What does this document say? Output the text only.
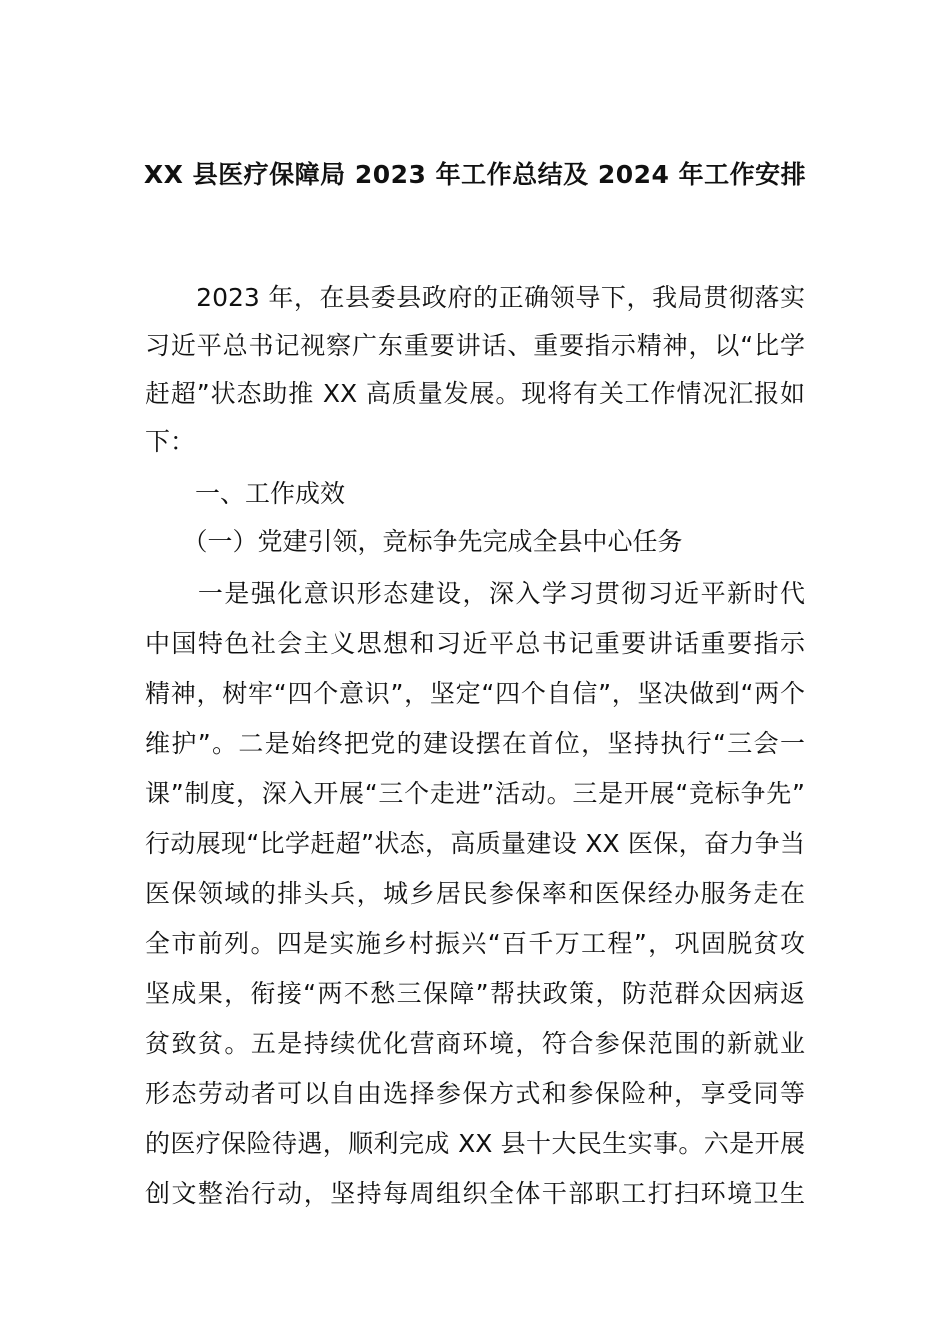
XX 县医疗保障局 2023 年工作总结及 2024 年工作安排
　　2023 年，在县委县政府的正确领导下，我局贯彻落实
习近平总书记视察广东重要讲话、重要指示精神，以“比学
赶超”状态助推 XX 高质量发展。现将有关工作情况汇报如
下：
　　一、工作成效
　　（一）党建引领，竞标争先完成全县中心任务
　　一是强化意识形态建设，深入学习贯彻习近平新时代
中国特色社会主义思想和习近平总书记重要讲话重要指示
精神，树牢“四个意识”，坚定“四个自信”，坚决做到“两个
维护”。二是始终把党的建设摆在首位，坚持执行“三会一
课”制度，深入开展“三个走进”活动。三是开展“竞标争先”
行动展现“比学赶超”状态，高质量建设 XX 医保，奋力争当
医保领域的排头兵，城乡居民参保率和医保经办服务走在
全市前列。四是实施乡村振兴“百千万工程”，巩固脱贫攻
坚成果，衔接“两不愁三保障”帮扶政策，防范群众因病返
贫致贫。五是持续优化营商环境，符合参保范围的新就业
形态劳动者可以自由选择参保方式和参保险种，享受同等
的医疗保险待遇，顺利完成 XX 县十大民生实事。六是开展
创文整治行动，坚持每周组织全体干部职工打扫环境卫生
